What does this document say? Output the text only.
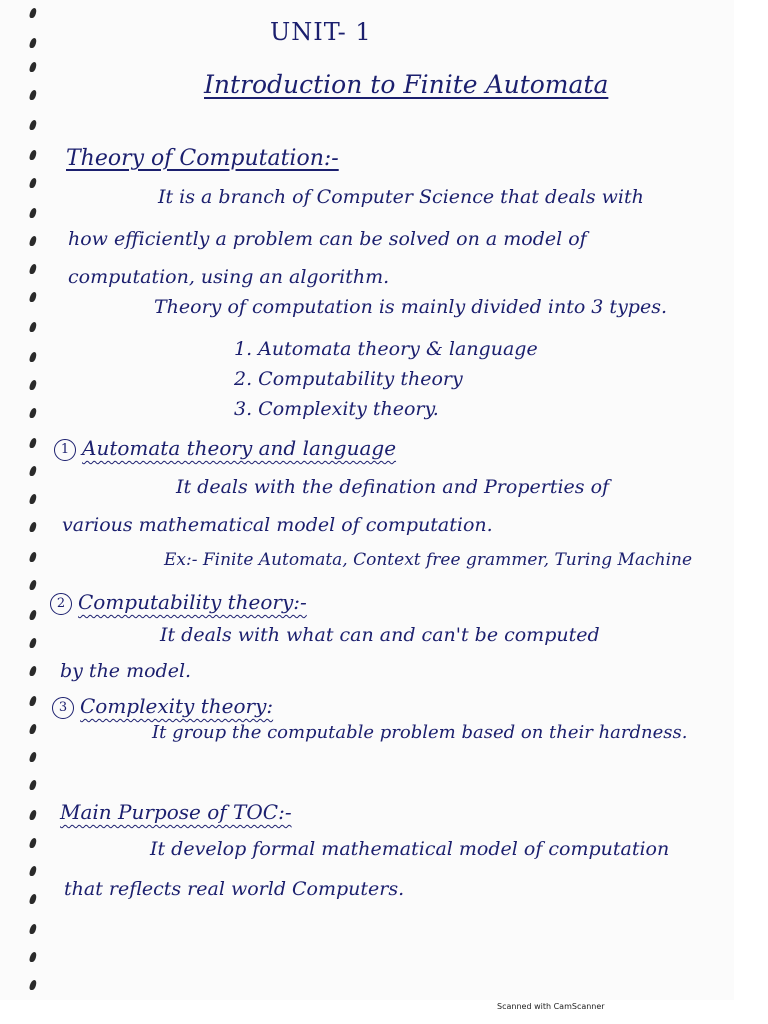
UNIT- 1
Introduction to Finite Automata
Theory of Computation:-
It is a branch of Computer Science that deals with
how efficiently a problem can be solved on a model of
computation, using an algorithm.
Theory of computation is mainly divided into 3 types.
1. Automata theory & language
2. Computability theory
3. Complexity theory.
1 Automata theory and language
It deals with the defination and Properties of
various mathematical model of computation.
Ex:- Finite Automata, Context free grammer, Turing Machine
2 Computability theory:-
It deals with what can and can't be computed
by the model.
3 Complexity theory:
It group the computable problem based on their hardness.
Main Purpose of TOC:-
It develop formal mathematical model of computation
that reflects real world Computers.
Scanned with CamScanner
